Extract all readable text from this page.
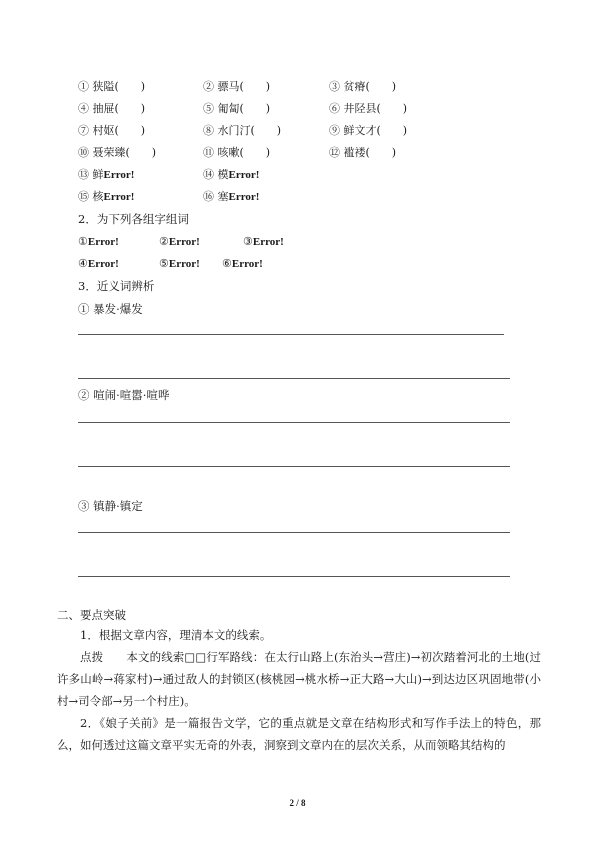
① 狭隘(　　)	② 骠马(　　)	③ 贫瘠(　　)
④ 抽屉(　　)	⑤ 匍匐(　　)	⑥ 井陉县(　　)
⑦ 村妪(　　)	⑧ 水门汀(　　)	⑨ 鲜文才(　　)
⑩ 聂荣臻(　　)	⑪ 咳嗽(　　)	⑫ 褴褛(　　)
⑬ 鲜Error!	⑭ 模Error!
⑮ 核Error!	⑯ 塞Error!
2．为下列各组字组词
①Error!	②Error!	③Error!
④Error!	⑤Error! ⑥Error!
3．近义词辨析
① 暴发·爆发
② 喧闹·喧嚣·喧哗
③ 镇静·镇定
二、要点突破
1．根据文章内容，理清本文的线索。
点拨　　本文的线索□□行军路线：在太行山路上(东治头→营庄)→初次踏着河北的土地(过许多山岭→蒋家村)→通过敌人的封锁区(核桃园→桃水桥→正大路→大山)→到达边区巩固地带(小村→司令部→另一个村庄)。
2．《娘子关前》是一篇报告文学，它的重点就是文章在结构形式和写作手法上的特色，那么，如何透过这篇文章平实无奇的外表，洞察到文章内在的层次关系，从而领略其结构的
2 / 8
